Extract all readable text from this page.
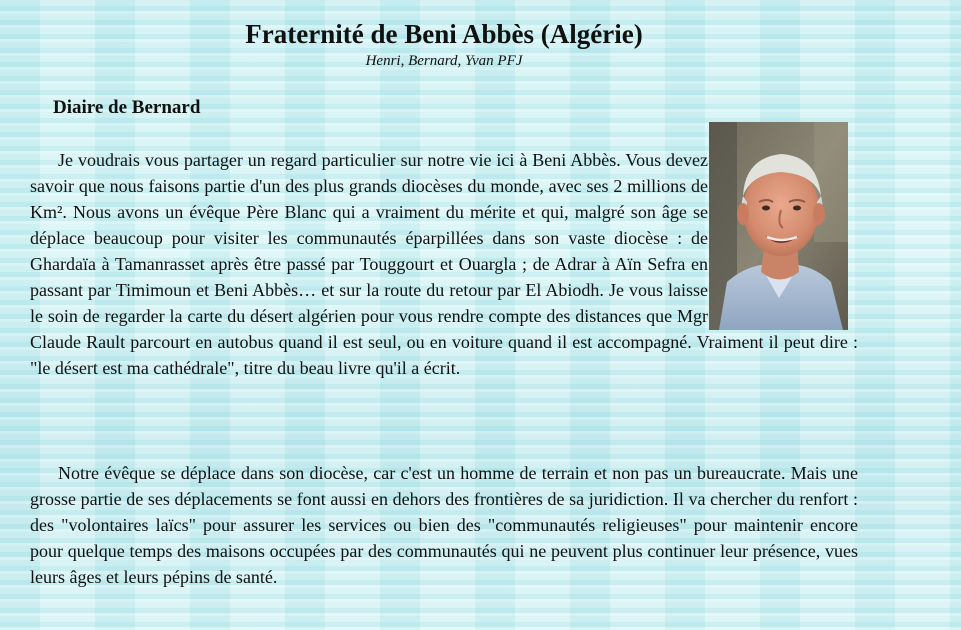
Fraternité de Beni Abbès (Algérie)
Henri, Bernard, Yvan PFJ
Diaire de Bernard

Je voudrais vous partager un regard particulier sur notre vie ici à Beni Abbès. Vous devez savoir que nous faisons partie d'un des plus grands diocèses du monde, avec ses 2 millions de Km². Nous avons un évêque Père Blanc qui a vraiment du mérite et qui, malgré son âge se déplace beaucoup pour visiter les communautés éparpillées dans son vaste diocèse : de Ghardaïa à Tamanrasset après être passé par Touggourt et Ouargla ; de Adrar à Aïn Sefra en passant par Timimoun et Beni Abbès… et sur la route du retour par El Abiodh. Je vous laisse le soin de regarder la carte du désert algérien pour vous rendre compte des distances que Mgr Claude Rault parcourt en autobus quand il est seul, ou en voiture quand il est accompagné. Vraiment il peut dire : "le désert est ma cathédrale", titre du beau livre qu'il a écrit.

Notre évêque se déplace dans son diocèse, car c'est un homme de terrain et non pas un bureaucrate. Mais une grosse partie de ses déplacements se font aussi en dehors des frontières de sa juridiction. Il va chercher du renfort : des "volontaires laïcs" pour assurer les services ou bien des "communautés religieuses" pour maintenir encore pour quelque temps des maisons occupées par des communautés qui ne peuvent plus continuer leur présence, vues leurs âges et leurs pépins de santé.
